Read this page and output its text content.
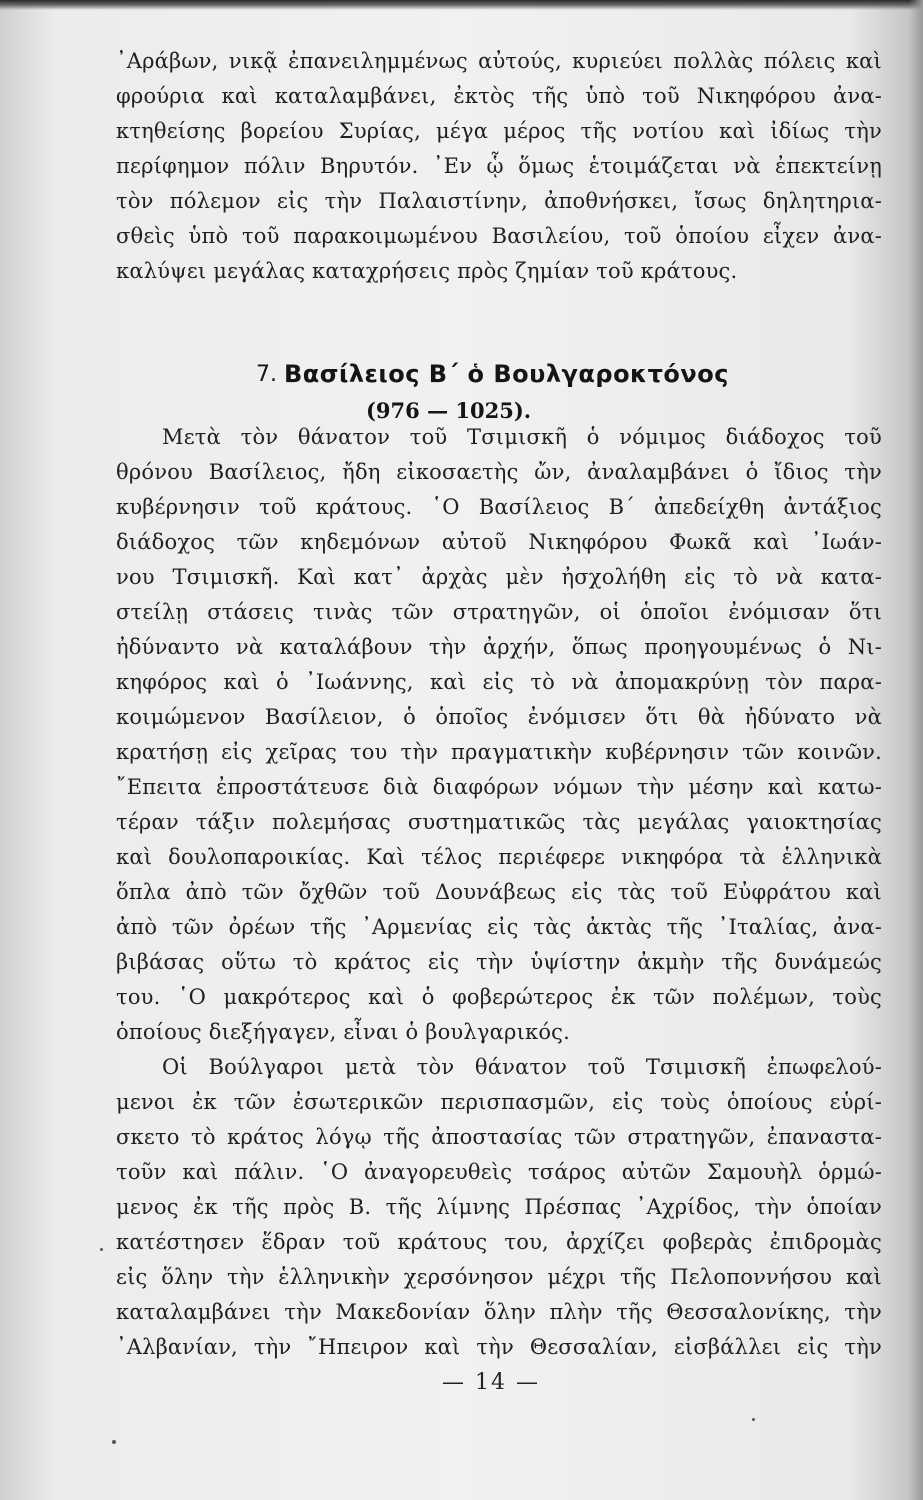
᾿Αράβων, νικᾷ ἐπανειλημμένως αὐτούς, κυριεύει πολλὰς πόλεις καὶ
φρούρια καὶ καταλαμβάνει, ἐκτὸς τῆς ὑπὸ τοῦ Νικηφόρου ἀνα-
κτηθείσης βορείου Συρίας, μέγα μέρος τῆς νοτίου καὶ ἰδίως τὴν
περίφημον πόλιν Βηρυτόν. ᾿Εν ᾧ ὅμως ἑτοιμάζεται νὰ ἐπεκτείνῃ
τὸν πόλεμον εἰς τὴν Παλαιστίνην, ἀποθνήσκει, ἴσως δηλητηρια-
σθεὶς ὑπὸ τοῦ παρακοιμωμένου Βασιλείου, τοῦ ὁποίου εἶχεν ἀνα-
καλύψει μεγάλας καταχρήσεις πρὸς ζημίαν τοῦ κράτους.
7. Βασίλειος Β΄ ὁ Βουλγαροκτόνος
(976 — 1025).
Μετὰ τὸν θάνατον τοῦ Τσιμισκῆ ὁ νόμιμος διάδοχος τοῦ
θρόνου Βασίλειος, ἤδη εἰκοσαετὴς ὤν, ἀναλαμβάνει ὁ ἴδιος τὴν
κυβέρνησιν τοῦ κράτους. ῾Ο Βασίλειος Β΄ ἀπεδείχθη ἀντάξιος
διάδοχος τῶν κηδεμόνων αὐτοῦ Νικηφόρου Φωκᾶ καὶ ᾿Ιωάν-
νου Τσιμισκῆ. Καὶ κατ᾿ ἀρχὰς μὲν ἠσχολήθη εἰς τὸ νὰ κατα-
στείλῃ στάσεις τινὰς τῶν στρατηγῶν, οἱ ὁποῖοι ἐνόμισαν ὅτι
ἠδύναντο νὰ καταλάβουν τὴν ἀρχήν, ὅπως προηγουμένως ὁ Νι-
κηφόρος καὶ ὁ ᾿Ιωάννης, καὶ εἰς τὸ νὰ ἀπομακρύνῃ τὸν παρα-
κοιμώμενον Βασίλειον, ὁ ὁποῖος ἐνόμισεν ὅτι θὰ ἠδύνατο νὰ
κρατήσῃ εἰς χεῖρας του τὴν πραγματικὴν κυβέρνησιν τῶν κοινῶν.
῎Επειτα ἐπροστάτευσε διὰ διαφόρων νόμων τὴν μέσην καὶ κατω-
τέραν τάξιν πολεμήσας συστηματικῶς τὰς μεγάλας γαιοκτησίας
καὶ δουλοπαροικίας. Καὶ τέλος περιέφερε νικηφόρα τὰ ἑλληνικὰ
ὅπλα ἀπὸ τῶν ὄχθῶν τοῦ Δουνάβεως εἰς τὰς τοῦ Εὐφράτου καὶ
ἀπὸ τῶν ὀρέων τῆς ᾿Αρμενίας εἰς τὰς ἀκτὰς τῆς ᾿Ιταλίας, ἀνα-
βιβάσας οὕτω τὸ κράτος εἰς τὴν ὑψίστην ἀκμὴν τῆς δυνάμεώς
του. ῾Ο μακρότερος καὶ ὁ φοβερώτερος ἐκ τῶν πολέμων, τοὺς
ὁποίους διεξήγαγεν, εἶναι ὁ βουλγαρικός.
Οἱ Βούλγαροι μετὰ τὸν θάνατον τοῦ Τσιμισκῆ ἐπωφελού-
μενοι ἐκ τῶν ἐσωτερικῶν περισπασμῶν, εἰς τοὺς ὁποίους εὑρί-
σκετο τὸ κράτος λόγῳ τῆς ἀποστασίας τῶν στρατηγῶν, ἐπαναστα-
τοῦν καὶ πάλιν. ῾Ο ἀναγορευθεὶς τσάρος αὐτῶν Σαμουὴλ ὁρμώ-
μενος ἐκ τῆς πρὸς Β. τῆς λίμνης Πρέσπας ᾿Αχρίδος, τὴν ὁποίαν
κατέστησεν ἕδραν τοῦ κράτους του, ἀρχίζει φοβερὰς ἐπιδρομὰς
εἰς ὅλην τὴν ἑλληνικὴν χερσόνησον μέχρι τῆς Πελοποννήσου καὶ
καταλαμβάνει τὴν Μακεδονίαν ὅλην πλὴν τῆς Θεσσαλονίκης, τὴν
᾿Αλβανίαν, τὴν ῎Ηπειρον καὶ τὴν Θεσσαλίαν, εἰσβάλλει εἰς τὴν
— 14 —
